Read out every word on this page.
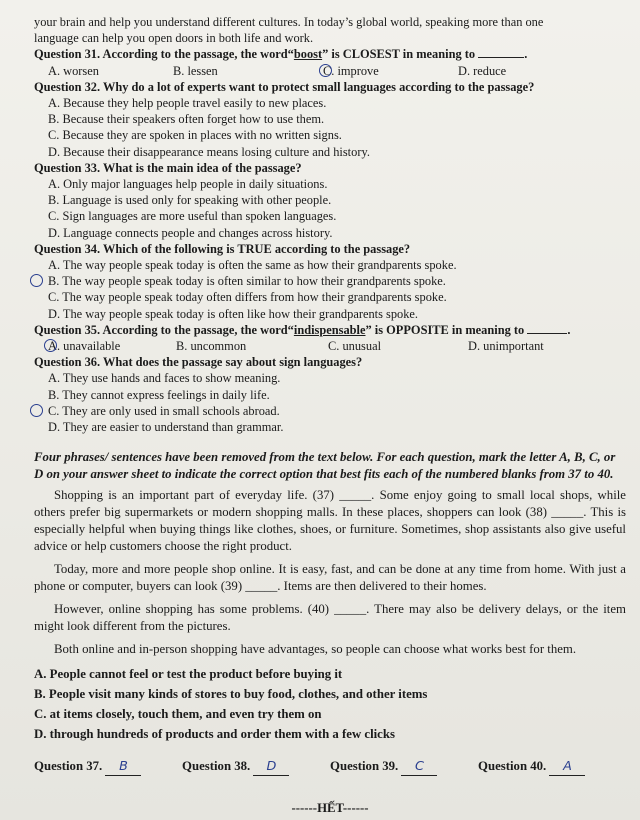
your brain and help you understand different cultures. In today’s global world, speaking more than one
language can help you open doors in both life and work.
Question 31. According to the passage, the word“boost” is CLOSEST in meaning to	.
A. worsen	B. lessen	C. improve	D. reduce
Question 32. Why do a lot of experts want to protect small languages according to the passage?
A. Because they help people travel easily to new places.
B. Because their speakers often forget how to use them.
C. Because they are spoken in places with no written signs.
D. Because their disappearance means losing culture and history.
Question 33. What is the main idea of the passage?
A. Only major languages help people in daily situations.
B. Language is used only for speaking with other people.
C. Sign languages are more useful than spoken languages.
D. Language connects people and changes across history.
Question 34. Which of the following is TRUE according to the passage?
A. The way people speak today is often the same as how their grandparents spoke.
B. The way people speak today is often similar to how their grandparents spoke.
C. The way people speak today often differs from how their grandparents spoke.
D. The way people speak today is often like how their grandparents spoke.
Question 35. According to the passage, the word“indispensable” is OPPOSITE in meaning to	.
A. unavailable	B. uncommon	C. unusual	D. unimportant
Question 36. What does the passage say about sign languages?
A. They use hands and faces to show meaning.
B. They cannot express feelings in daily life.
C. They are only used in small schools abroad.
D. They are easier to understand than grammar.
Four phrases/ sentences have been removed from the text below. For each question, mark the letter A, B, C, or D on your answer sheet to indicate the correct option that best fits each of the numbered blanks from 37 to 40.
Shopping is an important part of everyday life. (37) _____. Some enjoy going to small local shops, while others prefer big supermarkets or modern shopping malls. In these places, shoppers can look (38) _____. This is especially helpful when buying things like clothes, shoes, or furniture. Sometimes, shop assistants also give useful advice or help customers choose the right product.
Today, more and more people shop online. It is easy, fast, and can be done at any time from home. With just a phone or computer, buyers can look (39) _____. Items are then delivered to their homes.
However, online shopping has some problems. (40) _____. There may also be delivery delays, or the item might look different from the pictures.
Both online and in-person shopping have advantages, so people can choose what works best for them.
A. People cannot feel or test the product before buying it
B. People visit many kinds of stores to buy food, clothes, and other items
C. at items closely, touch them, and even try them on
D. through hundreds of products and order them with a few clicks
Question 37. B	Question 38. D	Question 39. C	Question 40. A
------HẾT------
